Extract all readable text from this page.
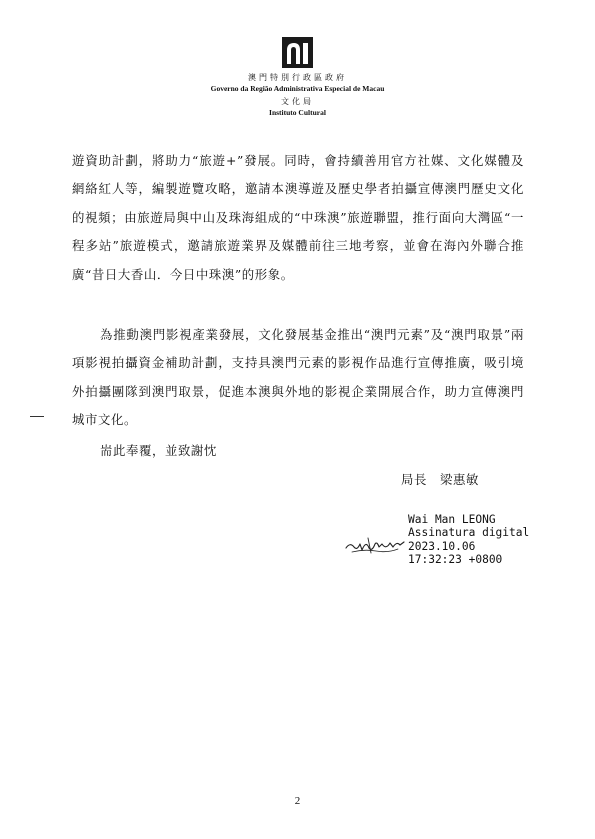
澳門特別行政區政府
Governo da Região Administrativa Especial de Macau
文化局
Instituto Cultural
遊資助計劃，將助力“旅遊+”發展。同時，會持續善用官方社媒、文化媒體及網絡紅人等，編製遊覽攻略，邀請本澳導遊及歷史學者拍攝宣傳澳門歷史文化的視頻；由旅遊局與中山及珠海組成的“中珠澳”旅遊聯盟，推行面向大灣區“一程多站”旅遊模式，邀請旅遊業界及媒體前往三地考察，並會在海內外聯合推廣“昔日大香山．今日中珠澳”的形象。
為推動澳門影視產業發展，文化發展基金推出“澳門元素”及“澳門取景”兩項影視拍攝資金補助計劃，支持具澳門元素的影視作品進行宣傳推廣，吸引境外拍攝團隊到澳門取景，促進本澳與外地的影視企業開展合作，助力宣傳澳門城市文化。
耑此奉覆，並致謝忱
局長　梁惠敏
Wai Man LEONG
Assinatura digital
2023.10.06
17:32:23 +0800
2
